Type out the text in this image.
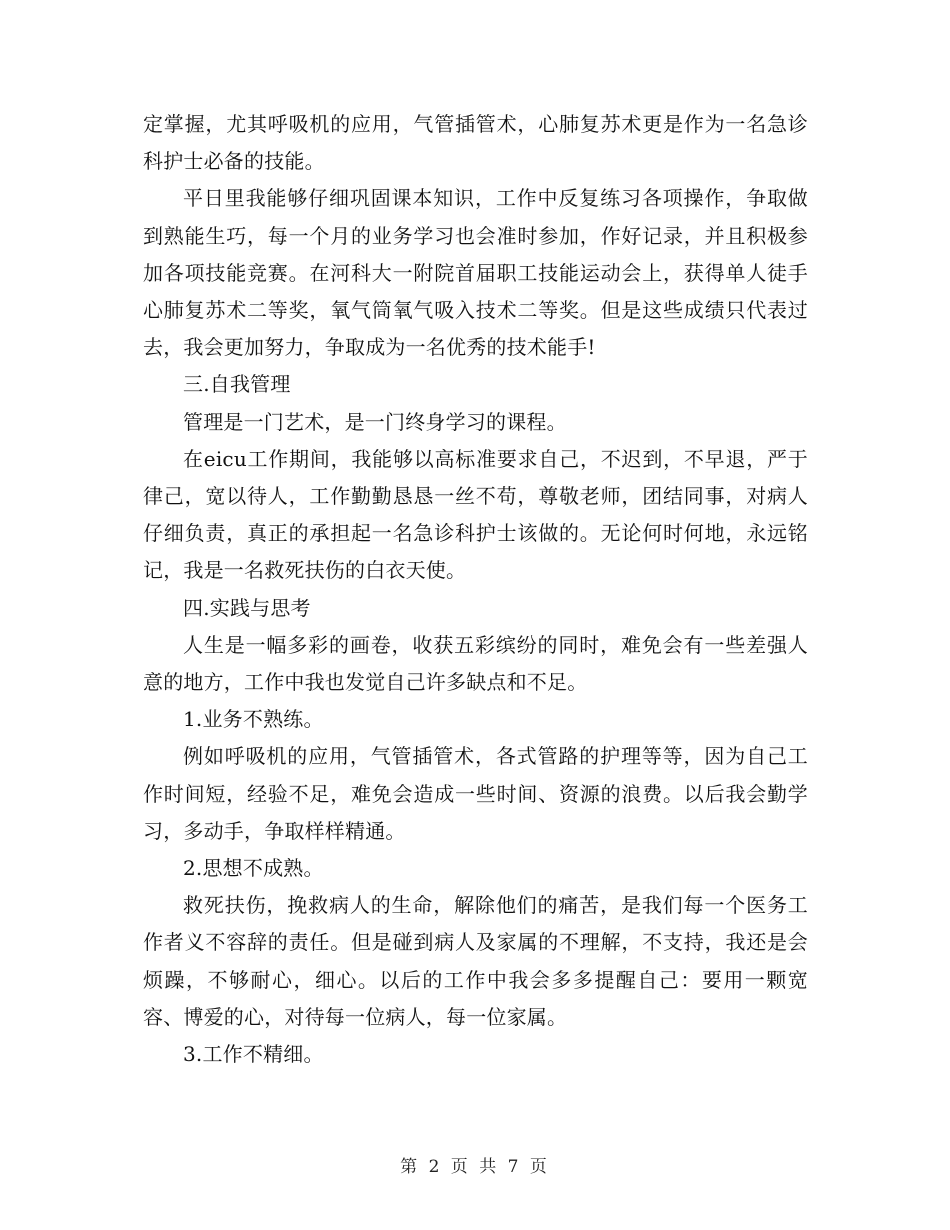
定掌握，尤其呼吸机的应用，气管插管术，心肺复苏术更是作为一名急诊科护士必备的技能。

平日里我能够仔细巩固课本知识，工作中反复练习各项操作，争取做到熟能生巧，每一个月的业务学习也会准时参加，作好记录，并且积极参加各项技能竞赛。在河科大一附院首届职工技能运动会上，获得单人徒手心肺复苏术二等奖，氧气筒氧气吸入技术二等奖。但是这些成绩只代表过去，我会更加努力，争取成为一名优秀的技术能手!

三.自我管理

管理是一门艺术，是一门终身学习的课程。

在eicu工作期间，我能够以高标准要求自己，不迟到，不早退，严于律己，宽以待人，工作勤勤恳恳一丝不苟，尊敬老师，团结同事，对病人仔细负责，真正的承担起一名急诊科护士该做的。无论何时何地，永远铭记，我是一名救死扶伤的白衣天使。

四.实践与思考

人生是一幅多彩的画卷，收获五彩缤纷的同时，难免会有一些差强人意的地方，工作中我也发觉自己许多缺点和不足。

1.业务不熟练。

例如呼吸机的应用，气管插管术，各式管路的护理等等，因为自己工作时间短，经验不足，难免会造成一些时间、资源的浪费。以后我会勤学习，多动手，争取样样精通。

2.思想不成熟。

救死扶伤，挽救病人的生命，解除他们的痛苦，是我们每一个医务工作者义不容辞的责任。但是碰到病人及家属的不理解，不支持，我还是会烦躁，不够耐心，细心。以后的工作中我会多多提醒自己：要用一颗宽容、博爱的心，对待每一位病人，每一位家属。

3.工作不精细。

第 2 页 共 7 页
